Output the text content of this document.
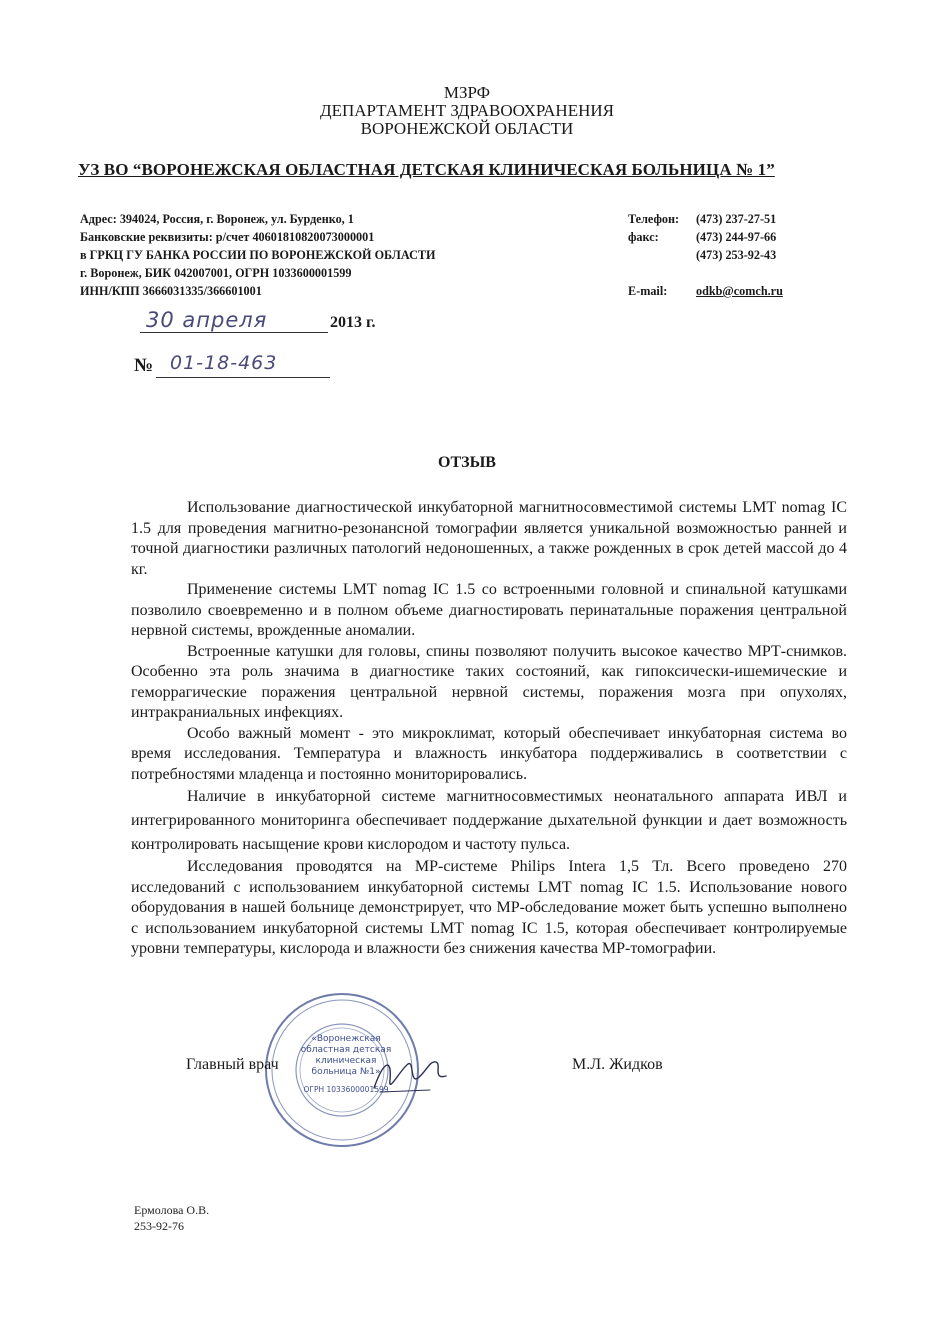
МЗРФ
ДЕПАРТАМЕНТ ЗДРАВООХРАНЕНИЯ
ВОРОНЕЖСКОЙ ОБЛАСТИ
УЗ ВО “ВОРОНЕЖСКАЯ ОБЛАСТНАЯ ДЕТСКАЯ КЛИНИЧЕСКАЯ БОЛЬНИЦА № 1”
Адрес: 394024, Россия, г. Воронеж, ул. Бурденко, 1
Банковские реквизиты: р/счет 40601810820073000001
в ГРКЦ ГУ БАНКА РОССИИ ПО ВОРОНЕЖСКОЙ ОБЛАСТИ
г. Воронеж, БИК 042007001, ОГРН 1033600001599
ИНН/КПП 3666031335/366601001
Телефон:	(473) 237-27-51
факс:	(473) 244-97-66
(473) 253-92-43
E-mail:	odkb@comch.ru
30 апреля	2013 г.
№ 01-18-463
ОТЗЫВ

Использование диагностической инкубаторной магнитносовместимой системы LMT nomag IC 1.5 для проведения магнитно-резонансной томографии является уникальной возможностью ранней и точной диагностики различных патологий недоношенных, а также рожденных в срок детей массой до 4 кг.

Применение системы LMT nomag IC 1.5 со встроенными головной и спинальной катушками позволило своевременно и в полном объеме диагностировать перинатальные поражения центральной нервной системы, врожденные аномалии.

Встроенные катушки для головы, спины позволяют получить высокое качество МРТ-снимков. Особенно эта роль значима в диагностике таких состояний, как гипоксически-ишемические и геморрагические поражения центральной нервной системы, поражения мозга при опухолях, интракраниальных инфекциях.

Особо важный момент - это микроклимат, который обеспечивает инкубаторная система во время исследования. Температура и влажность инкубатора поддерживались в соответствии с потребностями младенца и постоянно мониторировались.

Наличие в инкубаторной системе магнитносовместимых неонатального аппарата ИВЛ и интегрированного мониторинга обеспечивает поддержание дыхательной функции и дает возможность контролировать насыщение крови кислородом и частоту пульса.

Исследования проводятся на МР-системе Philips Intera 1,5 Тл. Всего проведено 270 исследований с использованием инкубаторной системы LMT nomag IC 1.5. Использование нового оборудования в нашей больнице демонстрирует, что МР-обследование может быть успешно выполнено с использованием инкубаторной системы LMT nomag IC 1.5, которая обеспечивает контролируемые уровни температуры, кислорода и влажности без снижения качества МР-томографии.

«Воронежская
областная детская
клиническая
больница №1»
ОГРН 1033600001599
Главный врач	М.Л. Жидков
Ермолова О.В.
253-92-76
